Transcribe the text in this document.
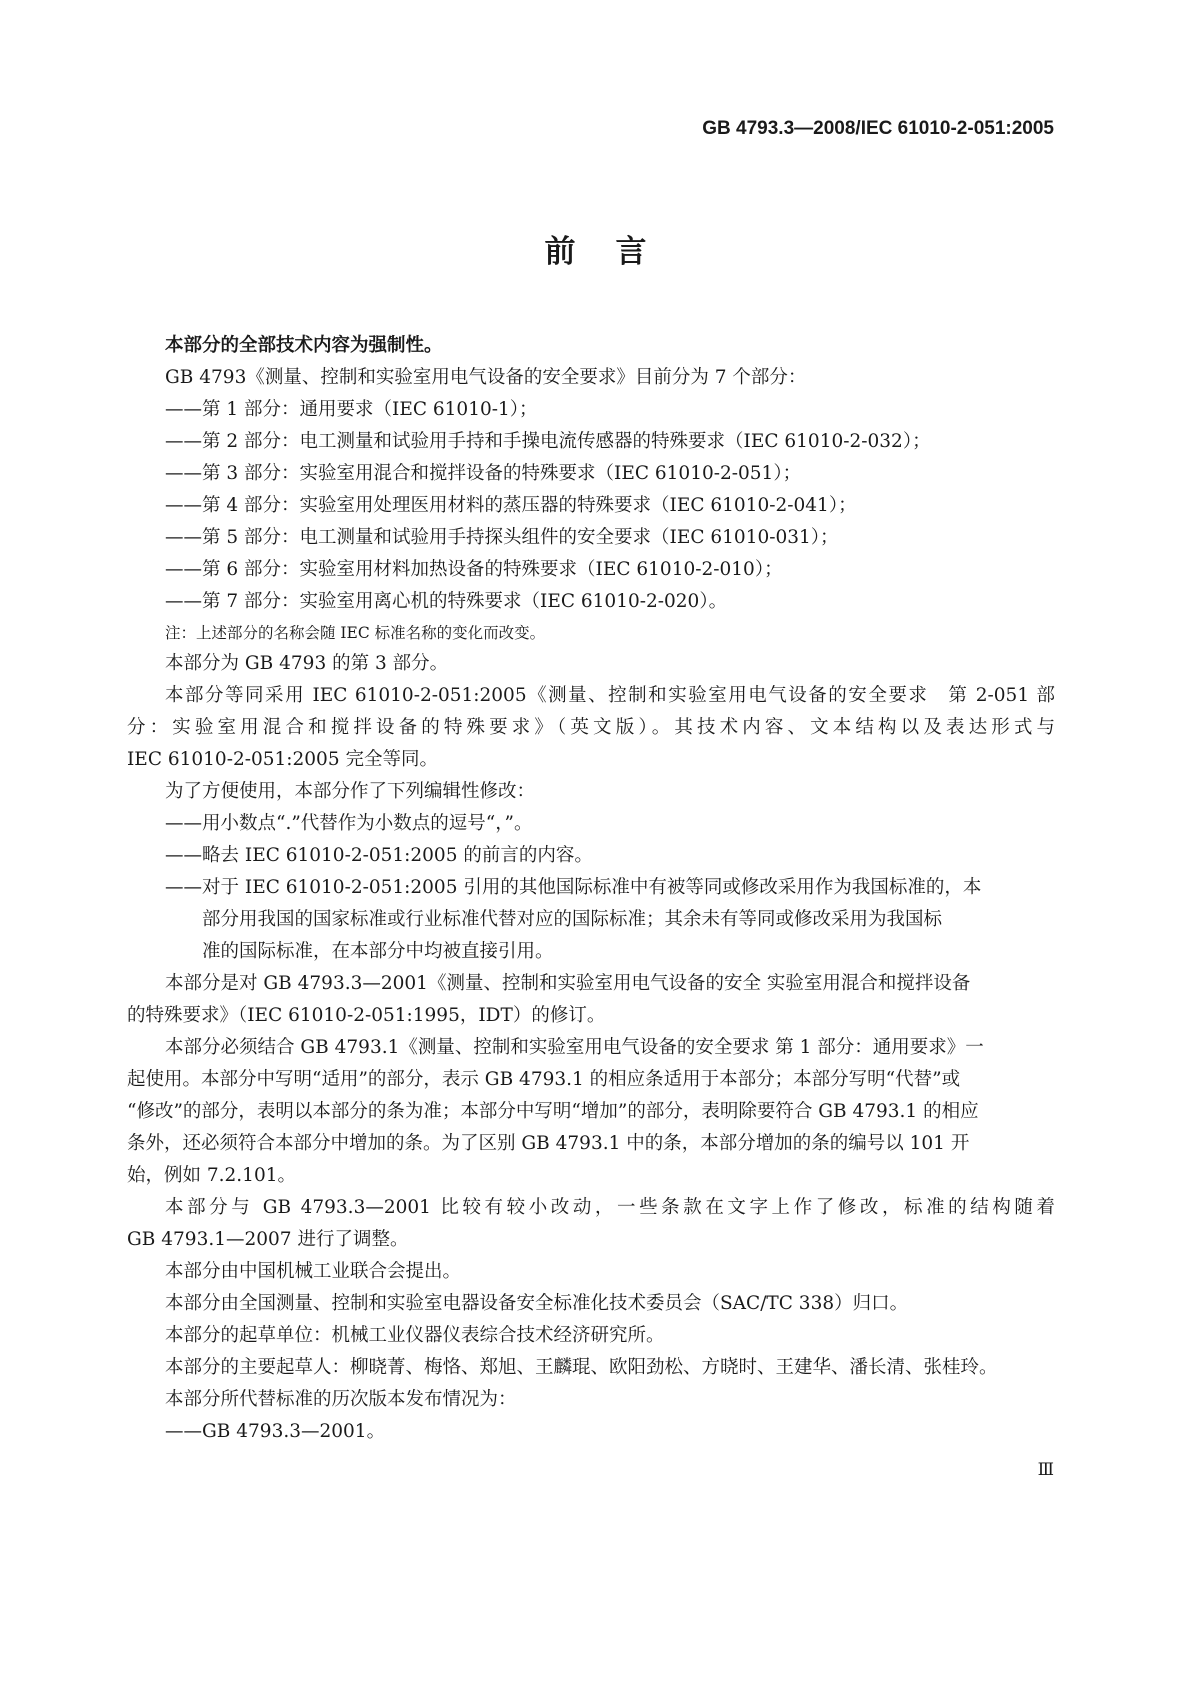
GB 4793.3—2008/IEC 61010-2-051:2005
前言
本部分的全部技术内容为强制性。
GB 4793《测量、控制和实验室用电气设备的安全要求》目前分为 7 个部分：
——第 1 部分：通用要求（IEC 61010-1）；
——第 2 部分：电工测量和试验用手持和手操电流传感器的特殊要求（IEC 61010-2-032）；
——第 3 部分：实验室用混合和搅拌设备的特殊要求（IEC 61010-2-051）；
——第 4 部分：实验室用处理医用材料的蒸压器的特殊要求（IEC 61010-2-041）；
——第 5 部分：电工测量和试验用手持探头组件的安全要求（IEC 61010-031）；
——第 6 部分：实验室用材料加热设备的特殊要求（IEC 61010-2-010）；
——第 7 部分：实验室用离心机的特殊要求（IEC 61010-2-020）。
注：上述部分的名称会随 IEC 标准名称的变化而改变。
本部分为 GB 4793 的第 3 部分。
本部分等同采用 IEC 61010-2-051:2005《测量、控制和实验室用电气设备的安全要求　第 2-051 部
分：实验室用混合和搅拌设备的特殊要求》（英文版）。其技术内容、文本结构以及表达形式与
IEC 61010-2-051:2005 完全等同。
为了方便使用，本部分作了下列编辑性修改：
——用小数点“.”代替作为小数点的逗号“，”。
——略去 IEC 61010-2-051:2005 的前言的内容。
——对于 IEC 61010-2-051:2005 引用的其他国际标准中有被等同或修改采用作为我国标准的，本
部分用我国的国家标准或行业标准代替对应的国际标准；其余未有等同或修改采用为我国标
准的国际标准，在本部分中均被直接引用。
本部分是对 GB 4793.3—2001《测量、控制和实验室用电气设备的安全 实验室用混合和搅拌设备
的特殊要求》（IEC 61010-2-051:1995，IDT）的修订。
本部分必须结合 GB 4793.1《测量、控制和实验室用电气设备的安全要求 第 1 部分：通用要求》一
起使用。本部分中写明“适用”的部分，表示 GB 4793.1 的相应条适用于本部分；本部分写明“代替”或
“修改”的部分，表明以本部分的条为准；本部分中写明“增加”的部分，表明除要符合 GB 4793.1 的相应
条外，还必须符合本部分中增加的条。为了区别 GB 4793.1 中的条，本部分增加的条的编号以 101 开
始，例如 7.2.101。
本部分与 GB 4793.3—2001 比较有较小改动，一些条款在文字上作了修改，标准的结构随着
GB 4793.1—2007 进行了调整。
本部分由中国机械工业联合会提出。
本部分由全国测量、控制和实验室电器设备安全标准化技术委员会（SAC/TC 338）归口。
本部分的起草单位：机械工业仪器仪表综合技术经济研究所。
本部分的主要起草人：柳晓菁、梅恪、郑旭、王麟琨、欧阳劲松、方晓时、王建华、潘长清、张桂玲。
本部分所代替标准的历次版本发布情况为：
——GB 4793.3—2001。
Ⅲ
